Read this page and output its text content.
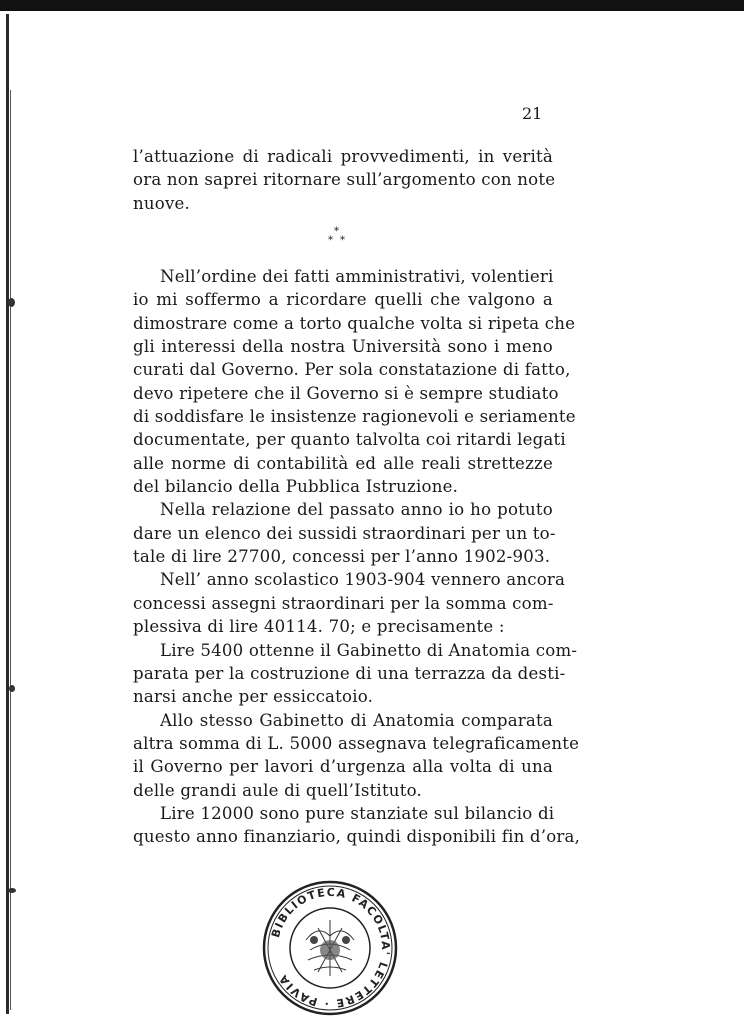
21
l’attuazione di radicali provvedimenti, in verità
ora non saprei ritornare sull’argomento con note
nuove.
*
* *
Nell’ordine dei fatti amministrativi, volentieri
io mi soffermo a ricordare quelli che valgono a
dimostrare come a torto qualche volta si ripeta che
gli interessi della nostra Università sono i meno
curati dal Governo. Per sola constatazione di fatto,
devo ripetere che il Governo si è sempre studiato
di soddisfare le insistenze ragionevoli e seriamente
documentate, per quanto talvolta coi ritardi legati
alle norme di contabilità ed alle reali strettezze
del bilancio della Pubblica Istruzione.
Nella relazione del passato anno io ho potuto
dare un elenco dei sussidi straordinari per un to-
tale di lire 27700, concessi per l’anno 1902-903.
Nell’ anno scolastico 1903-904 vennero ancora
concessi assegni straordinari per la somma com-
plessiva di lire 40114. 70; e precisamente :
Lire 5400 ottenne il Gabinetto di Anatomia com-
parata per la costruzione di una terrazza da desti-
narsi anche per essiccatoio.
Allo stesso Gabinetto di Anatomia comparata
altra somma di L. 5000 assegnava telegraficamente
il Governo per lavori d’urgenza alla volta di una
delle grandi aule di quell’Istituto.
Lire 12000 sono pure stanziate sul bilancio di
questo anno finanziario, quindi disponibili fin d’ora,
BIBLIOTECA FACOLTA' LETTERE · PAVIA
